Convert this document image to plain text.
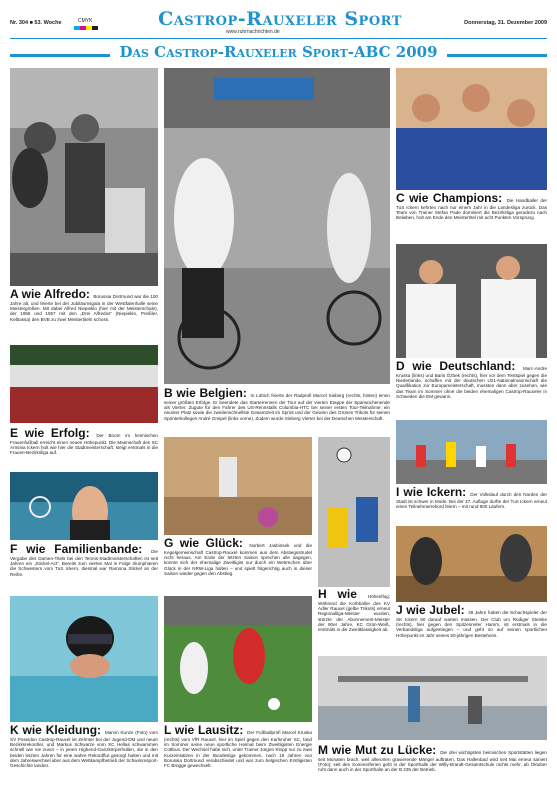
Nr. 304 ■ 53. Woche	CMYK	Castrop-Rauxeler Sport
www.ruhrnachrichten.de
Donnerstag, 31. Dezember 2009
Das Castrop-Rauxeler Sport-ABC 2009
A wie Alfredo: Borussia Dortmund war die 100 Jahre alt, und feierte bei der Jubiläumsgala in der Westfalenhalle seine Meistergrößen. Mit dabei Alfred Niepieklo (hier mit der Meisterschale), der 1956 und 1957 mit den „Drei Alfredos“ (Niepieklo, Preißler, Kelbassa) den BVB zu zwei Meistertiteln schoss.
E wie Erfolg: Der Boom im heimischen Frauenfußball erreicht einen neuen Höhepunkt. Die Mannschaft des SC Arminia Ickern holt wie hier die Stadtmeisterschaft, steigt erstmals in die Frauen-Bezirksliga auf.
F wie Familienbande: Die Vergabe des Damen-Titels bei den Tennis-Stadtmeisterschaften ist seit Jahren ein „Stickel-Act“. Bereits zum vierten Mal in Folge triumphieren die Schwestern vom TuS Ickern, diesmal war Ramona Stickel an der Reihe.
K wie Kleidung: Marvin Kunze (Foto) vom SV Poseidon Castrop-Rauxel ist Zehnter bei der Jugend-DM und neuer Bezirksrekordler, und Markus Schwarze vom SC Hellas schwammen schnell wie nie zuvor – in jenen Highend-Ganzkörperhüllen, die in den beiden letzten Jahren für eine wahre Rekordflut gesorgt hatten und mit dem Jahreswechsel aber aus dem Wettkampfbetrieb der Schwimmsport-Geschichte landen.
B wie Belgien: In Lüttich feierte der Radprofi Marcel Sieberg (rechts, hinten) einen seiner größten Erfolge. Er beendete das Starterrennen der Tour auf der vierten Etappe der Sparwochenende als Vierter. Zugute für den Fahrer des US-Rennstalls Columbia-HTC bei seiner ersten Tour-Teilnahme: ein neunter Platz sowie die zweitenschnellste Gesamtzeit im Sprint und der Gewinn des Grünen Trikots für seinen Sprinterkollegen André Greipel (links vorne). Zudem wurde Sieberg Vierter bei der Deutschen Meisterschaft.
G wie Glück: Norbert Jasbinsek und die Kegelgemeinschaft Castrop-Rauxel kommen aus dem Abstiegsstrudel nicht heraus. Am Ende der letzten Saison sprechen alle dagegen, konnte sich der ehemalige Zweitligist nur durch ein Wettrechen über Glück in der NRW-Liga halten – und spielt folgerichtig auch in dieser Saison wieder gegen den Abstieg.
H wie Höhenflug: Während die Korbballer des KV Adler Rauxel (gelbe Trikots) erneut Regionalliga-Meister wurden, stürzte der Abonnement-Meister der 90er Jahre, KC Grün-Weiß, erstmals in die Zweitklassigkeit ab.
L wie Lausitz: Der Fußballprofi Marcel Kruska (rechts) vom VfR Rauxel, hier im Spiel gegen den Karlsruher SC, fand im Sommer seine neue sportliche Heimat beim Zweitligisten Energie Cottbus. Der Wechsel hatte sich, unter Trainer Jürgen Klopp nur zu zwei Kurzeinsätzen in der Bundesliga gekommen, nach 18 Jahren von Borussia Dortmund verabschiedet und war zum belgischen Erstligisten FC Brügge gewechselt.
C wie Champions: Die Handballer der TuS Ickern kehrten nach nur einem Jahr in die Landesliga zurück. Das Team von Trainer Stefan Pade dominiert die Bezirksliga geradezu nach Belieben, holt am Ende den Meistertitel mit acht Punkten Vorsprung.
D wie Deutschland: Marc-Andre Kruska (links) und Baris Özbek (rechts), hier vor dem Testspiel gegen die Niederlande, schaffen mit der deutschen U21-Nationalmannschaft die Qualifikation zur Europameisterschaft, mussten dann aber zusehen, wie das Team im Sommer ohne die beiden ehemaligen Castrop-Rauxeler in Schweden die EM gewann.
I wie Ickern: Der Volkslauf durch den Norden der Stadt ist schwer in Mode. Bei der 37. Auflage durfte der TuS Ickern erneut einen Teilnehmerrekord feiern – mit rund 800 Läufern.
J wie Jubel: 49 Jahre haben die Schachspieler der SK Ickern 60 darauf warten müssen. Der Club um Rüdiger Steinke (rechts), hier gegen den Spitzenreiter Hamm, ist erstmals in die Verbandsliga aufgestiegen – und geht so auf seinen sportlichen Höhepunkt im Jahr seines 50-jährigen Bestehens.
M wie Mut zu Lücke: Die drei wichtigsten heimischen Sportstätten liegen seit Monaten brach, weil allerorten gravierende Mängel auftraten. Das Hallenbad wird seit Mai erneut saniert (Foto); seit den Sommerferien geht in der Sporthalle der Willy-Brandt-Gesamtschule nichts mehr, ab Oktober ruht dann auch in der Sporthalle an der B 235 der Betrieb.
